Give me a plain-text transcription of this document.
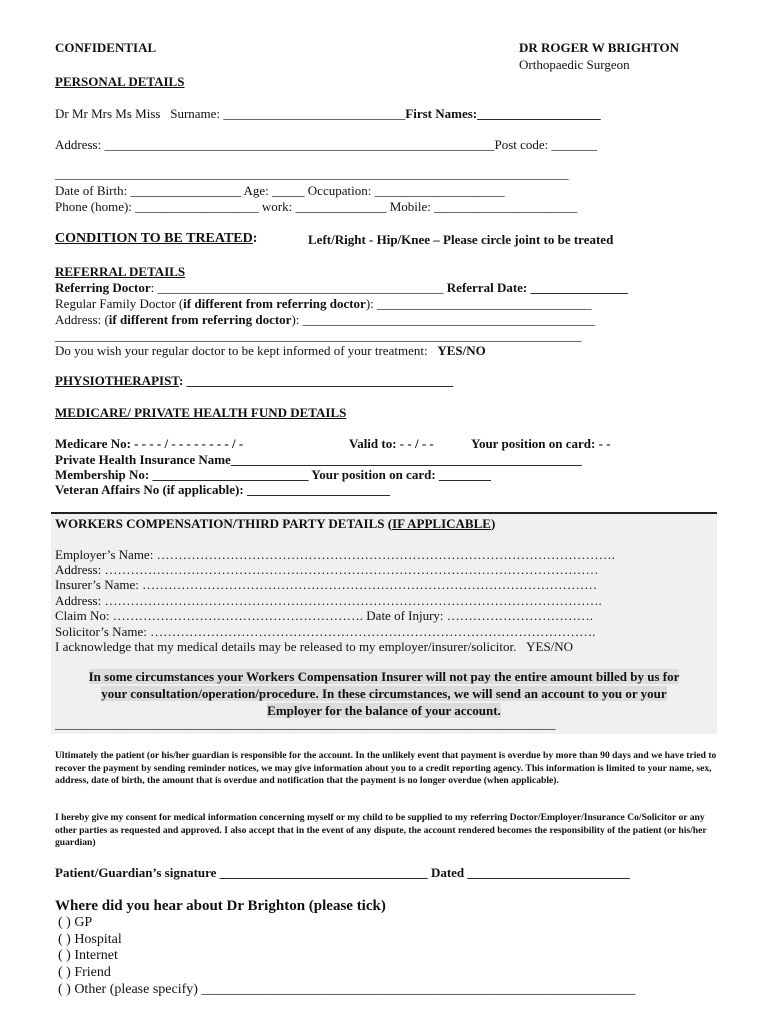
CONFIDENTIAL	DR ROGER W BRIGHTON
Orthopaedic Surgeon
PERSONAL DETAILS
Dr Mr Mrs Ms Miss Surname: ____________________________First Names:___________________
Address: ____________________________________________________________Post code: _______
_______________________________________________________________________________
Date of Birth: _________________ Age: _____ Occupation: ____________________
Phone (home): ___________________ work: ______________ Mobile: ______________________
CONDITION TO BE TREATED:	Left/Right - Hip/Knee – Please circle joint to be treated
REFERRAL DETAILS
Referring Doctor: ____________________________________________ Referral Date: _______________
Regular Family Doctor (if different from referring doctor): _________________________________
Address: (if different from referring doctor): _____________________________________________
_________________________________________________________________________________
Do you wish your regular doctor to be kept informed of your treatment: YES/NO
PHYSIOTHERAPIST: _________________________________________
MEDICARE/ PRIVATE HEALTH FUND DETAILS
Medicare No: - - - - / - - - - - - - - / -	Valid to: - - / - -	Your position on card: - -
Private Health Insurance Name______________________________________________________
Membership No: ________________________ Your position on card: ________
Veteran Affairs No (if applicable): ______________________
WORKERS COMPENSATION/THIRD PARTY DETAILS (IF APPLICABLE)
Employer’s Name: …………………………………………………………………………………………….
Address: ……………………………………………………………………………………………………
Insurer’s Name: ……………………………………………………………………………………………
Address: …………………………………………………………………………………………………….
Claim No: …………………………………………………. Date of Injury: …………………………….
Solicitor’s Name: ………………………………………………………………………………………….
I acknowledge that my medical details may be released to my employer/insurer/solicitor. YES/NO
In some circumstances your Workers Compensation Insurer will not pay the entire amount billed by us for
your consultation/operation/procedure. In these circumstances, we will send an account to you or your
Employer for the balance of your account.
_____________________________________________________________________________
Ultimately the patient (or his/her guardian is responsible for the account. In the unlikely event that payment is overdue by more than 90 days and we have tried to recover the payment by sending reminder notices, we may give information about you to a credit reporting agency. This information is limited to your name, sex, address, date of birth, the amount that is overdue and notification that the payment is no longer overdue (when applicable).
I hereby give my consent for medical information concerning myself or my child to be supplied to my referring Doctor/Employer/Insurance Co/Solicitor or any other parties as requested and approved. I also accept that in the event of any dispute, the account rendered becomes the responsibility of the patient (or his/her guardian)
Patient/Guardian’s signature ________________________________ Dated _________________________
Where did you hear about Dr Brighton (please tick)
( ) GP
( ) Hospital
( ) Internet
( ) Friend
( ) Other (please specify) ______________________________________________________________
